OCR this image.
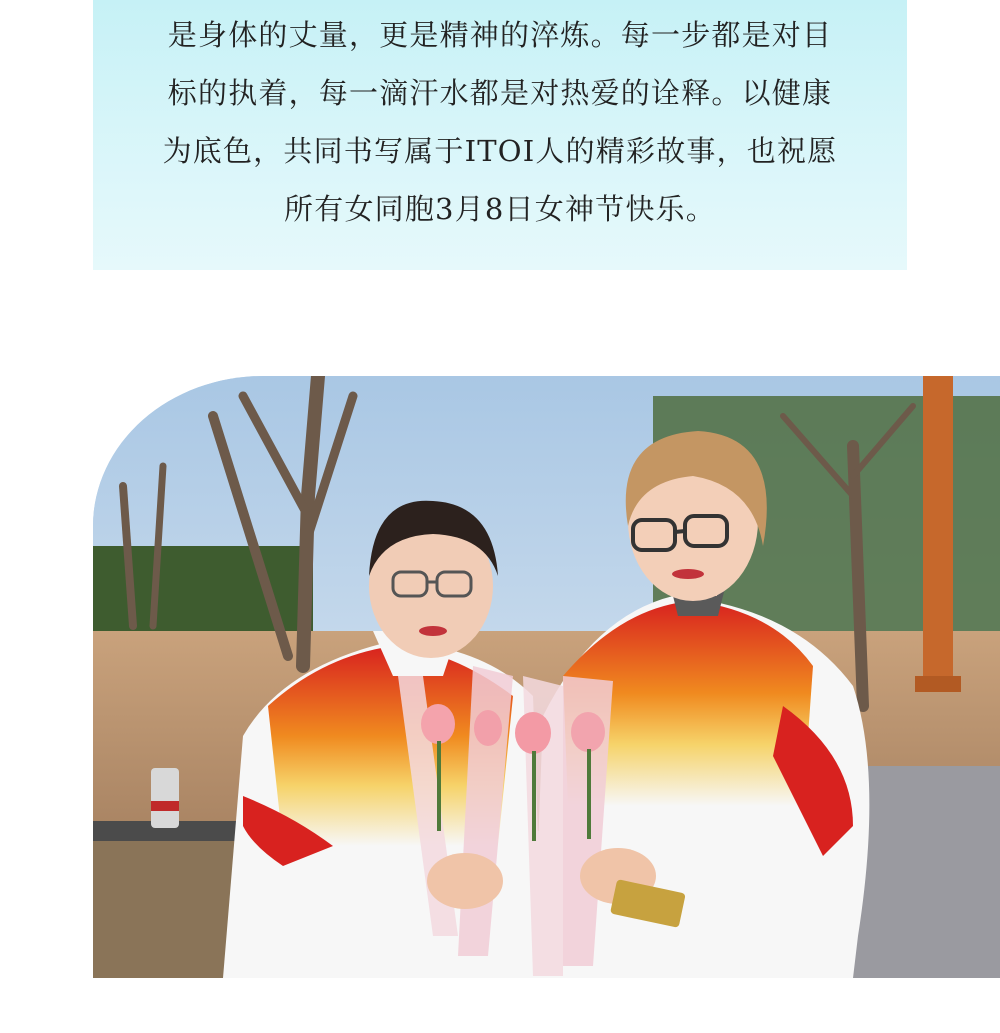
是身体的丈量，更是精神的淬炼。每一步都是对目
标的执着，每一滴汗水都是对热爱的诠释。以健康
为底色，共同书写属于ITOI人的精彩故事，也祝愿
所有女同胞3月8日女神节快乐。
